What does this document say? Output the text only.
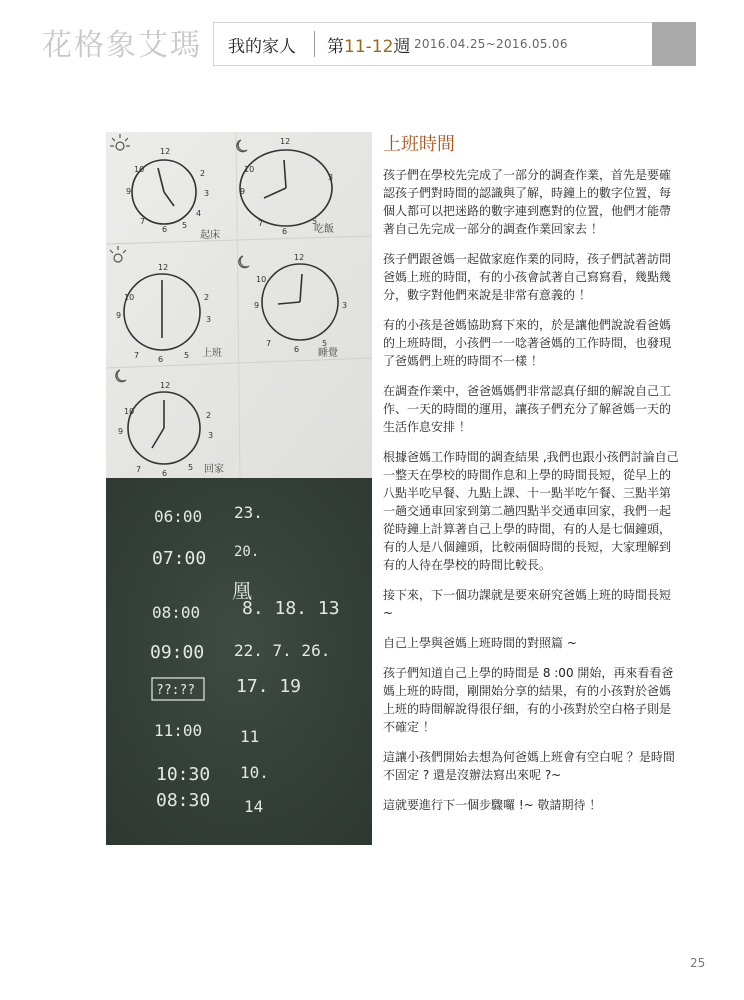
花格象艾瑪 我的家人 第11-12週 2016.04.25~2016.05.06
12
10
9
2
3
7
6 5
4
起床
12
10
9
3
7
6
5
吃飯
12
10
9
2
3
7 6	5 上班
12
10
9	3
7
6
5
睡覺
12
10
9
2
3
7	6
5 回家
06:00
07:00
08:00
09:00
??:??
11:00
10:30
08:30
23.
20.
凰
8. 18. 13
22. 7. 26.
17. 19
11
10.
14
上班時間

孩子們在學校先完成了一部分的調查作業，首先是要確認孩子們對時間的認識與了解，時鐘上的數字位置，每個人都可以把迷路的數字連到應對的位置，他們才能帶著自己先完成一部分的調查作業回家去 ！

孩子們跟爸媽一起做家庭作業的同時，孩子們試著訪問爸媽上班的時間，有的小孩會試著自己寫寫看，幾點幾分，數字對他們來說是非常有意義的 ！

有的小孩是爸媽協助寫下來的，於是讓他們說說看爸媽的上班時間，小孩們一一唸著爸媽的工作時間，也發現了爸媽們上班的時間不一樣 ！

在調查作業中，爸爸媽媽們非常認真仔細的解說自己工作、一天的時間的運用，讓孩子們充分了解爸媽一天的生活作息安排 ！

根據爸媽工作時間的調查結果 ,我們也跟小孩們討論自己一整天在學校的時間作息和上學的時間長短，從早上的八點半吃早餐、九點上課、十一點半吃午餐、三點半第一趟交通車回家到第二趟四點半交通車回家，我們一起從時鐘上計算著自己上學的時間，有的人是七個鐘頭，有的人是八個鐘頭，比較兩個時間的長短，大家理解到有的人待在學校的時間比較長。

接下來，下一個功課就是要來研究爸媽上班的時間長短~

自己上學與爸媽上班時間的對照篇 ~

孩子們知道自己上學的時間是 8 :00 開始，再來看看爸媽上班的時間，剛開始分享的結果，有的小孩對於爸媽上班的時間解說得很仔細，有的小孩對於空白格子則是不確定 ！

這讓小孩們開始去想為何爸媽上班會有空白呢 ？是時間不固定 ? 還是沒辦法寫出來呢 ?~

這就要進行下一個步驟囉 !~ 敬請期待 ！

25
